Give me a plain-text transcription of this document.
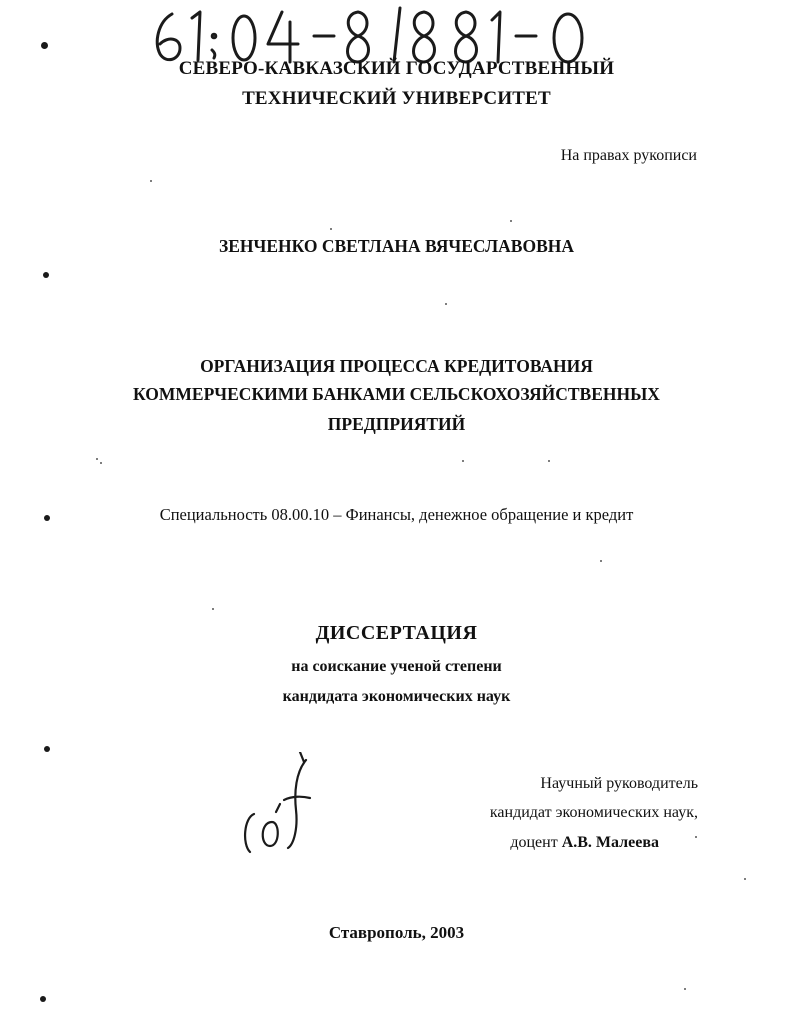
СЕВЕРО-КАВКАЗСКИЙ ГОСУДАРСТВЕННЫЙ
ТЕХНИЧЕСКИЙ УНИВЕРСИТЕТ
На правах рукописи
ЗЕНЧЕНКО СВЕТЛАНА ВЯЧЕСЛАВОВНА
ОРГАНИЗАЦИЯ ПРОЦЕССА КРЕДИТОВАНИЯ
КОММЕРЧЕСКИМИ БАНКАМИ СЕЛЬСКОХОЗЯЙСТВЕННЫХ
ПРЕДПРИЯТИЙ
Специальность 08.00.10 – Финансы, денежное обращение и кредит
ДИССЕРТАЦИЯ
на соискание ученой степени
кандидата экономических наук
Научный руководитель
кандидат экономических наук,
доцент А.В. Малеева
Ставрополь, 2003
